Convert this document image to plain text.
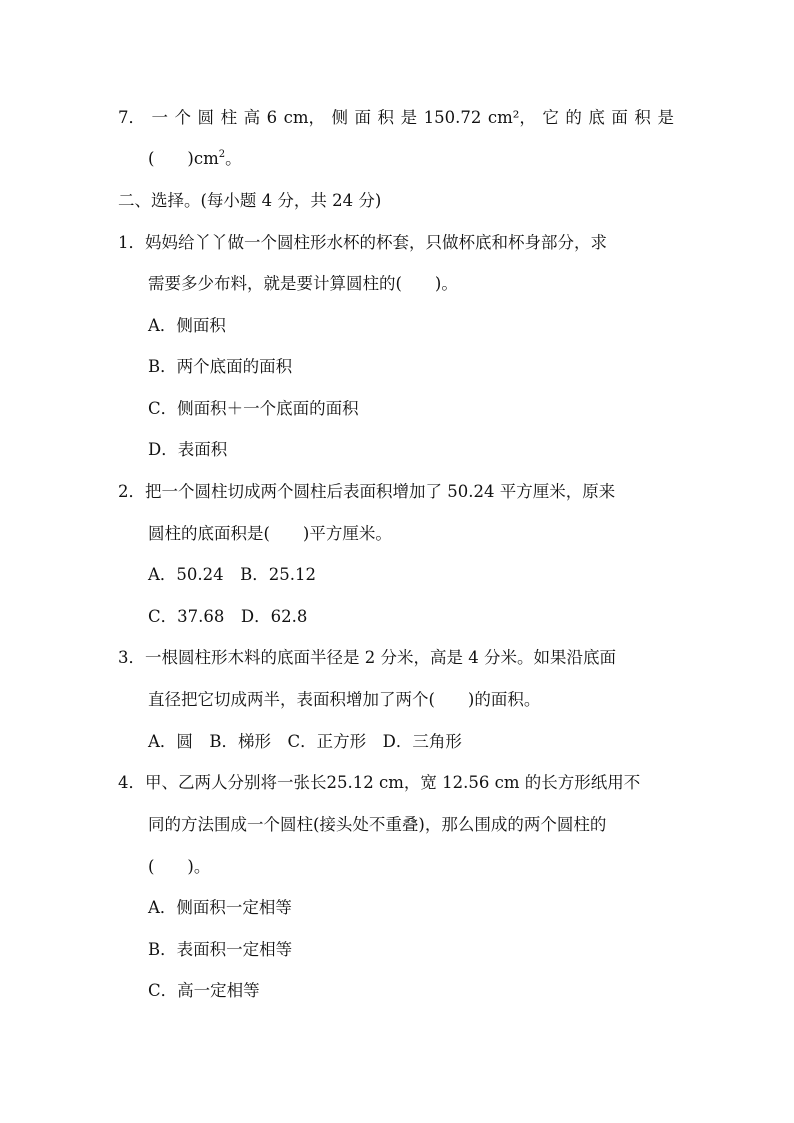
7． 一 个 圆 柱 高 6 cm， 侧 面 积 是 150.72 cm²， 它 的 底 面 积 是
(　　)$cm^2$。
二、选择。(每小题 4 分，共 24 分)
1．妈妈给丫丫做一个圆柱形水杯的杯套，只做杯底和杯身部分，求
需要多少布料，就是要计算圆柱的(　　)。
A．侧面积
B．两个底面的面积
C．侧面积＋一个底面的面积
D．表面积
2．把一个圆柱切成两个圆柱后表面积增加了 50.24 平方厘米，原来
圆柱的底面积是(　　)平方厘米。
A．50.24　B．25.12
C．37.68　D．62.8
3．一根圆柱形木料的底面半径是 2 分米，高是 4 分米。如果沿底面
直径把它切成两半，表面积增加了两个(　　)的面积。
A．圆　B．梯形　C．正方形　D．三角形
4．甲、乙两人分别将一张长25.12 cm，宽 12.56 cm 的长方形纸用不
同的方法围成一个圆柱(接头处不重叠)，那么围成的两个圆柱的
(　　)。
A．侧面积一定相等
B．表面积一定相等
C．高一定相等
